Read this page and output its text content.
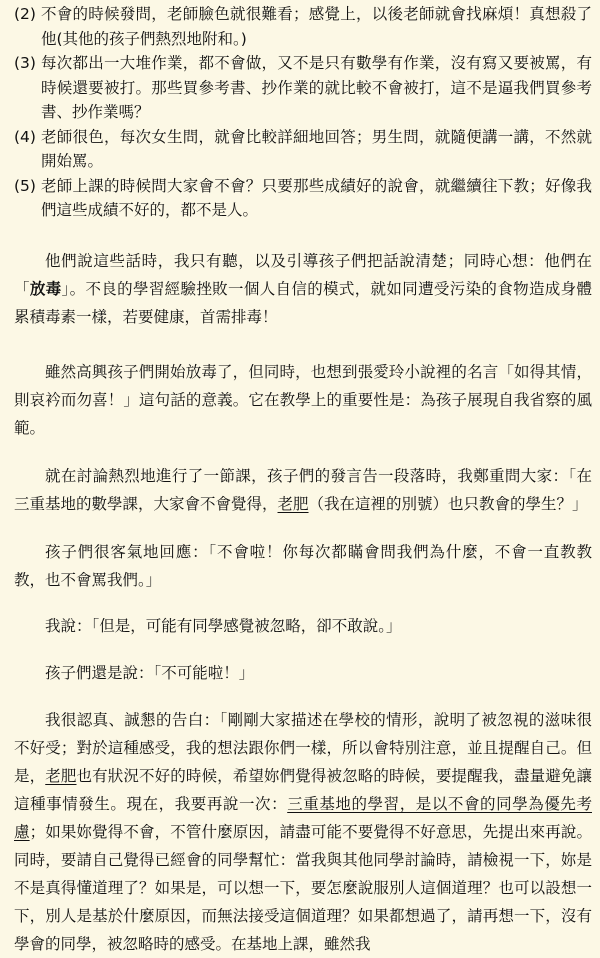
(2) 不會的時候發問，老師臉色就很難看；感覺上，以後老師就會找麻煩！真想殺了他(其他的孩子們熱烈地附和。)
(3) 每次都出一大堆作業，都不會做，又不是只有數學有作業，沒有寫又要被罵，有時候還要被打。那些買參考書、抄作業的就比較不會被打，這不是逼我們買參考書、抄作業嗎？
(4) 老師很色，每次女生問，就會比較詳細地回答；男生問，就隨便講一講，不然就開始罵。
(5) 老師上課的時候問大家會不會？只要那些成績好的說會，就繼續往下教；好像我們這些成績不好的，都不是人。

他們說這些話時，我只有聽，以及引導孩子們把話說清楚；同時心想：他們在「放毒」。不良的學習經驗挫敗一個人自信的模式，就如同遭受污染的食物造成身體累積毒素一樣，若要健康，首需排毒！

雖然高興孩子們開始放毒了，但同時，也想到張愛玲小說裡的名言「如得其情，則哀衿而勿喜！」這句話的意義。它在教學上的重要性是：為孩子展現自我省察的風範。

就在討論熱烈地進行了一節課，孩子們的發言告一段落時，我鄭重問大家：「在三重基地的數學課，大家會不會覺得，老肥（我在這裡的別號）也只教會的學生？」

孩子們很客氣地回應：「不會啦！你每次都瞞會問我們為什麼，不會一直教教教，也不會罵我們。」

我說：「但是，可能有同學感覺被忽略，卻不敢說。」

孩子們還是說：「不可能啦！」

我很認真、誠懇的告白：「剛剛大家描述在學校的情形，說明了被忽視的滋味很不好受；對於這種感受，我的想法跟你們一樣，所以會特別注意，並且提醒自己。但是，老肥也有狀況不好的時候，希望妳們覺得被忽略的時候，要提醒我，盡量避免讓這種事情發生。現在，我要再說一次：三重基地的學習，是以不會的同學為優先考慮；如果妳覺得不會，不管什麼原因，請盡可能不要覺得不好意思，先提出來再說。同時，要請自己覺得已經會的同學幫忙：當我與其他同學討論時，請檢視一下，妳是不是真得懂道理了？如果是，可以想一下，要怎麼說服別人這個道理？也可以設想一下，別人是基於什麼原因，而無法接受這個道理？如果都想過了，請再想一下，沒有學會的同學，被忽略時的感受。在基地上課，雖然我
